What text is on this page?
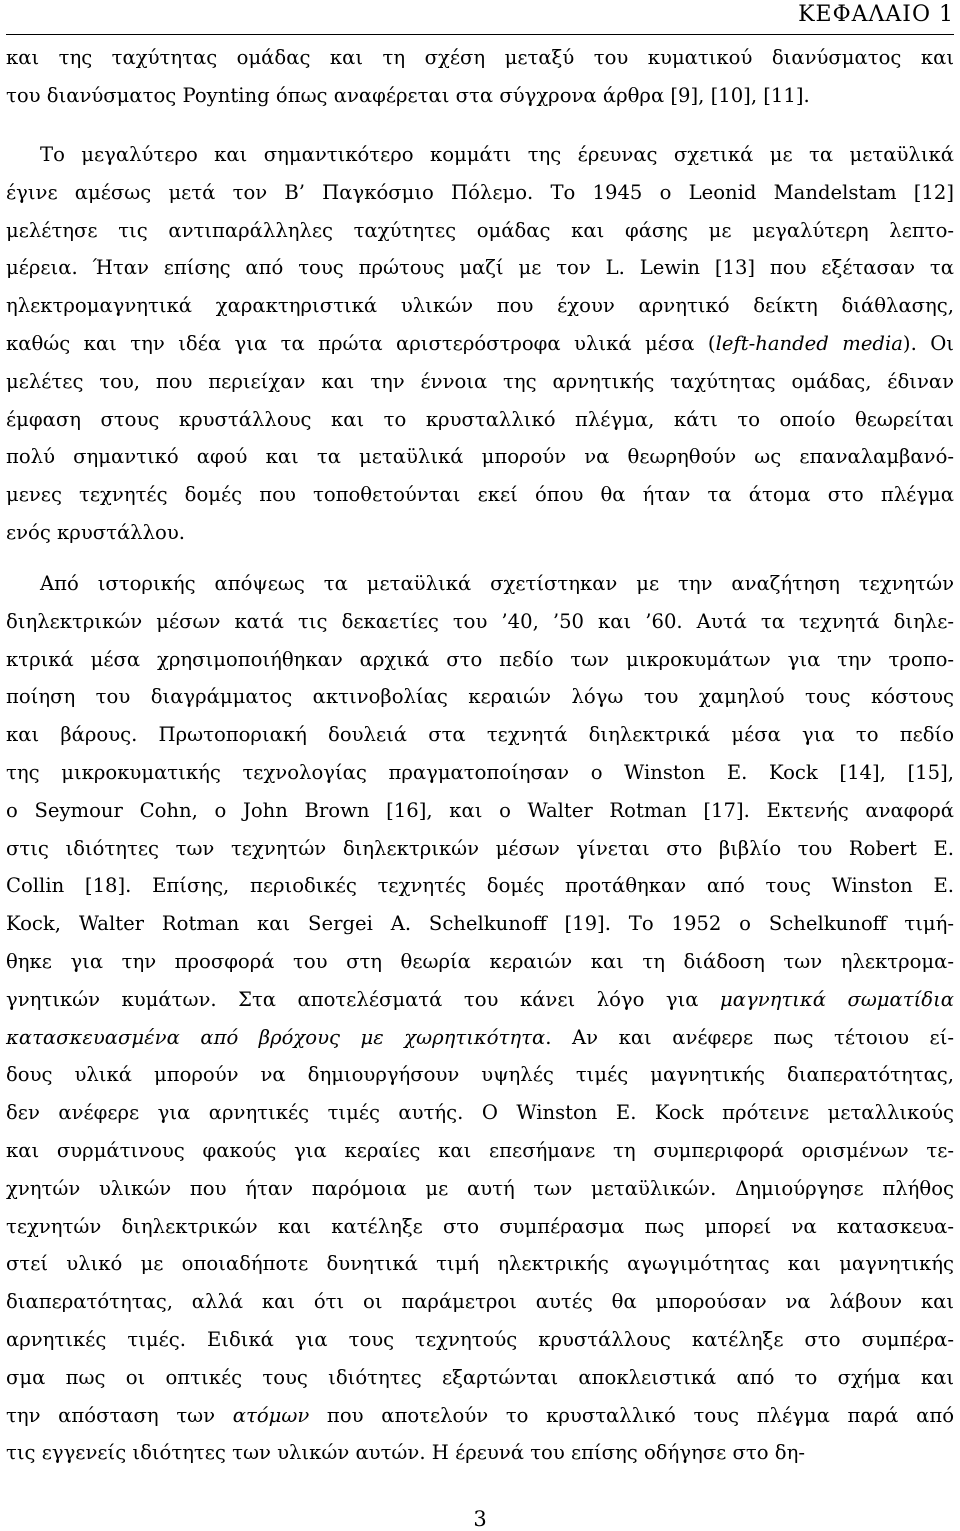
ΚΕΦΑΛΑΙΟ 1
και της ταχύτητας ομάδας και τη σχέση μεταξύ του κυματικού διανύσματος και
του διανύσματος Poynting όπως αναφέρεται στα σύγχρονα άρθρα [9], [10], [11].
Το μεγαλύτερο και σημαντικότερο κομμάτι της έρευνας σχετικά με τα μεταϋλικά
έγινε αμέσως μετά τον Β’ Παγκόσμιο Πόλεμο. Το 1945 ο Leonid Mandelstam [12]
μελέτησε τις αντιπαράλληλες ταχύτητες ομάδας και φάσης με μεγαλύτερη λεπτο-
μέρεια. Ήταν επίσης από τους πρώτους μαζί με τον L. Lewin [13] που εξέτασαν τα
ηλεκτρομαγνητικά χαρακτηριστικά υλικών που έχουν αρνητικό δείκτη διάθλασης,
καθώς και την ιδέα για τα πρώτα αριστερόστροφα υλικά μέσα (left-handed media). Οι
μελέτες του, που περιείχαν και την έννοια της αρνητικής ταχύτητας ομάδας, έδιναν
έμφαση στους κρυστάλλους και το κρυσταλλικό πλέγμα, κάτι το οποίο θεωρείται
πολύ σημαντικό αφού και τα μεταϋλικά μπορούν να θεωρηθούν ως επαναλαμβανό-
μενες τεχνητές δομές που τοποθετούνται εκεί όπου θα ήταν τα άτομα στο πλέγμα
ενός κρυστάλλου.
Από ιστορικής απόψεως τα μεταϋλικά σχετίστηκαν με την αναζήτηση τεχνητών
διηλεκτρικών μέσων κατά τις δεκαετίες του ’40, ’50 και ’60. Αυτά τα τεχνητά διηλε-
κτρικά μέσα χρησιμοποιήθηκαν αρχικά στο πεδίο των μικροκυμάτων για την τροπο-
ποίηση του διαγράμματος ακτινοβολίας κεραιών λόγω του χαμηλού τους κόστους
και βάρους. Πρωτοποριακή δουλειά στα τεχνητά διηλεκτρικά μέσα για το πεδίο
της μικροκυματικής τεχνολογίας πραγματοποίησαν ο Winston E. Kock [14], [15],
ο Seymour Cohn, ο John Brown [16], και ο Walter Rotman [17]. Εκτενής αναφορά
στις ιδιότητες των τεχνητών διηλεκτρικών μέσων γίνεται στο βιβλίο του Robert E.
Collin [18]. Επίσης, περιοδικές τεχνητές δομές προτάθηκαν από τους Winston E.
Kock, Walter Rotman και Sergei A. Schelkunoff [19]. Το 1952 ο Schelkunoff τιμή-
θηκε για την προσφορά του στη θεωρία κεραιών και τη διάδοση των ηλεκτρομα-
γνητικών κυμάτων. Στα αποτελέσματά του κάνει λόγο για μαγνητικά σωματίδια
κατασκευασμένα από βρόχους με χωρητικότητα. Αν και ανέφερε πως τέτοιου εί-
δους υλικά μπορούν να δημιουργήσουν υψηλές τιμές μαγνητικής διαπερατότητας,
δεν ανέφερε για αρνητικές τιμές αυτής. Ο Winston E. Kock πρότεινε μεταλλικούς
και συρμάτινους φακούς για κεραίες και επεσήμανε τη συμπεριφορά ορισμένων τε-
χνητών υλικών που ήταν παρόμοια με αυτή των μεταϋλικών. Δημιούργησε πλήθος
τεχνητών διηλεκτρικών και κατέληξε στο συμπέρασμα πως μπορεί να κατασκευα-
στεί υλικό με οποιαδήποτε δυνητικά τιμή ηλεκτρικής αγωγιμότητας και μαγνητικής
διαπερατότητας, αλλά και ότι οι παράμετροι αυτές θα μπορούσαν να λάβουν και
αρνητικές τιμές. Ειδικά για τους τεχνητούς κρυστάλλους κατέληξε στο συμπέρα-
σμα πως οι οπτικές τους ιδιότητες εξαρτώνται αποκλειστικά από το σχήμα και
την απόσταση των ατόμων που αποτελούν το κρυσταλλικό τους πλέγμα παρά από
τις εγγενείς ιδιότητες των υλικών αυτών. Η έρευνά του επίσης οδήγησε στο δη-
3
